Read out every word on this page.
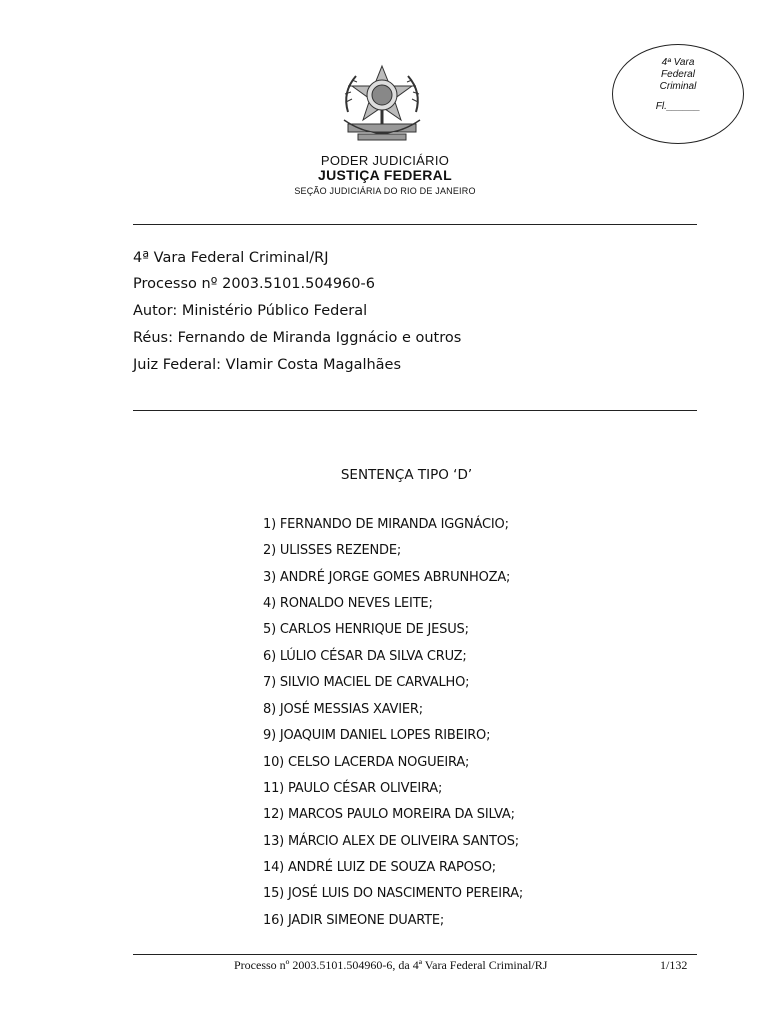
4ª Vara
Federal
Criminal
Fl.______
PODER JUDICIÁRIO
JUSTIÇA FEDERAL
SEÇÃO JUDICIÁRIA DO RIO DE JANEIRO
4ª Vara Federal Criminal/RJ
Processo nº 2003.5101.504960-6
Autor: Ministério Público Federal
Réus: Fernando de Miranda Iggnácio e outros
Juiz Federal: Vlamir Costa Magalhães
SENTENÇA TIPO ‘D’
1) FERNANDO DE MIRANDA IGGNÁCIO;
2) ULISSES REZENDE;
3) ANDRÉ JORGE GOMES ABRUNHOZA;
4) RONALDO NEVES LEITE;
5) CARLOS HENRIQUE DE JESUS;
6) LÚLIO CÉSAR DA SILVA CRUZ;
7) SILVIO MACIEL DE CARVALHO;
8) JOSÉ MESSIAS XAVIER;
9) JOAQUIM DANIEL LOPES RIBEIRO;
10) CELSO LACERDA NOGUEIRA;
11) PAULO CÉSAR OLIVEIRA;
12) MARCOS PAULO MOREIRA DA SILVA;
13) MÁRCIO ALEX DE OLIVEIRA SANTOS;
14) ANDRÉ LUIZ DE SOUZA RAPOSO;
15) JOSÉ LUIS DO NASCIMENTO PEREIRA;
16) JADIR SIMEONE DUARTE;
Processo nº 2003.5101.504960-6, da 4ª Vara Federal Criminal/RJ	1/132
